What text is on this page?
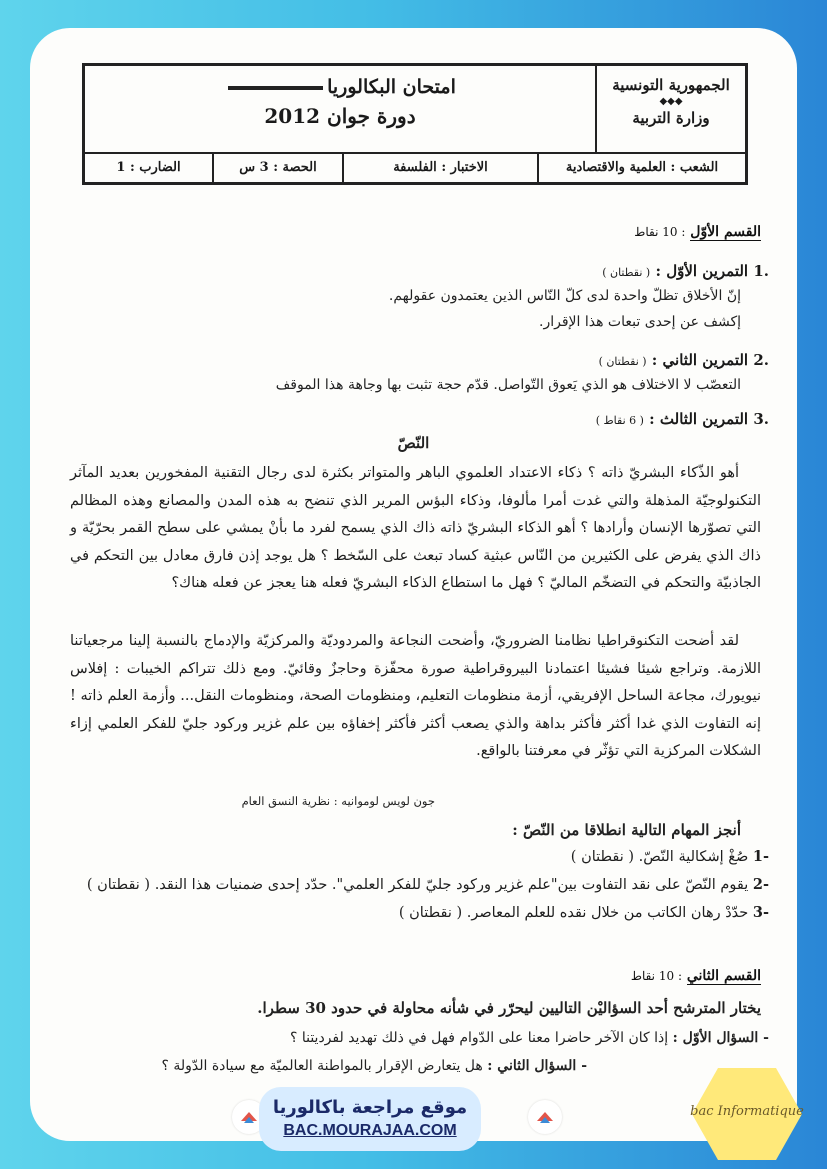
الجمهورية التونسية
◆◆◆
وزارة التربية
امتحان البكالوريا
دورة جوان 2012
الشعب : العلمية والاقتصادية
الاختبار : الفلسفة
الحصة : 3 س
الضارب : 1
القسم الأوّل : 10 نقاط
.1 التمرين الأوّل : ( نقطتان )
إنّ الأخلاق تظلّ واحدة لدى كلّ النّاس الذين يعتمدون عقولهم.
إكشف عن إحدى تبعات هذا الإقرار.
.2 التمرين الثاني : ( نقطتان )
التعصّب لا الاختلاف هو الذي يَعوق التّواصل. قدّم حجة تثبت بها وجاهة هذا الموقف
.3 التمرين الثالث : ( 6 نقاط )
النّصّ

أهو الذّكاء البشريّ ذاته ؟ ذكاء الاعتداد العلموي الباهر والمتواتر بكثرة لدى رجال التقنية المفخورين بعديد المآثر التكنولوجيّة المذهلة والتي غدت أمرا مألوفا، وذكاء البؤس المرير الذي تنضح به هذه المدن والمصانع وهذه المظالم التي تصوّرها الإنسان وأرادها ؟ أهو الذكاء البشريّ ذاته ذاك الذي يسمح لفرد ما بأنْ يمشي على سطح القمر بحرّيّة و ذاك الذي يفرض على الكثيرين من النّاس عبثية كساد تبعث على السّخط ؟ هل يوجد إذن فارق معادل بين التحكم في الجاذبيّة والتحكم في التضخّم الماليّ ؟ فهل ما استطاع الذكاء البشريّ فعله هنا يعجز عن فعله هناك؟

لقد أضحت التكنوقراطيا نظامنا الضروريّ، وأضحت النجاعة والمردوديّة والمركزيّة والإدماج بالنسبة إلينا مرجعياتنا اللازمة. وتراجع شيئا فشيئا اعتمادنا البيروقراطية صورة محفّزة وحاجزٌ وقائيّ. ومع ذلك تتراكم الخيبات : إفلاس نيويورك، مجاعة الساحل الإفريقي، أزمة منظومات التعليم، ومنظومات الصحة، ومنظومات النقل... وأزمة العلم ذاته ! إنه التفاوت الذي غدا أكثر فأكثر بداهة والذي يصعب أكثر فأكثر إخفاؤه بين علم غزير وركود جليّ للفكر العلمي إزاء الشكلات المركزية التي تؤثّر في معرفتنا بالواقع.

جون لويس لوموانيه : نظرية النسق العام
أنجز المهام التالية انطلاقا من النّصّ :
-1 صُغْ إشكالية النّصّ. ( نقطتان )
-2 يقوم النّصّ على نقد التفاوت بين"علم غزير وركود جليّ للفكر العلمي". حدّد إحدى ضمنيات هذا النقد. ( نقطتان )
-3 حدّدْ رهان الكاتب من خلال نقده للعلم المعاصر. ( نقطتان )
القسم الثاني : 10 نقاط
يختار المترشح أحد السؤاليْن التاليين ليحرّر في شأنه محاولة في حدود 30 سطرا.
- السؤال الأوّل : إذا كان الآخر حاضرا معنا على الدّوام فهل في ذلك تهديد لفرديتنا ؟
- السؤال الثاني : هل يتعارض الإقرار بالمواطنة العالميّة مع سيادة الدّولة ؟
موقع مراجعة باكالوريا
BAC.MOURAJAA.COM
bac Informatique
